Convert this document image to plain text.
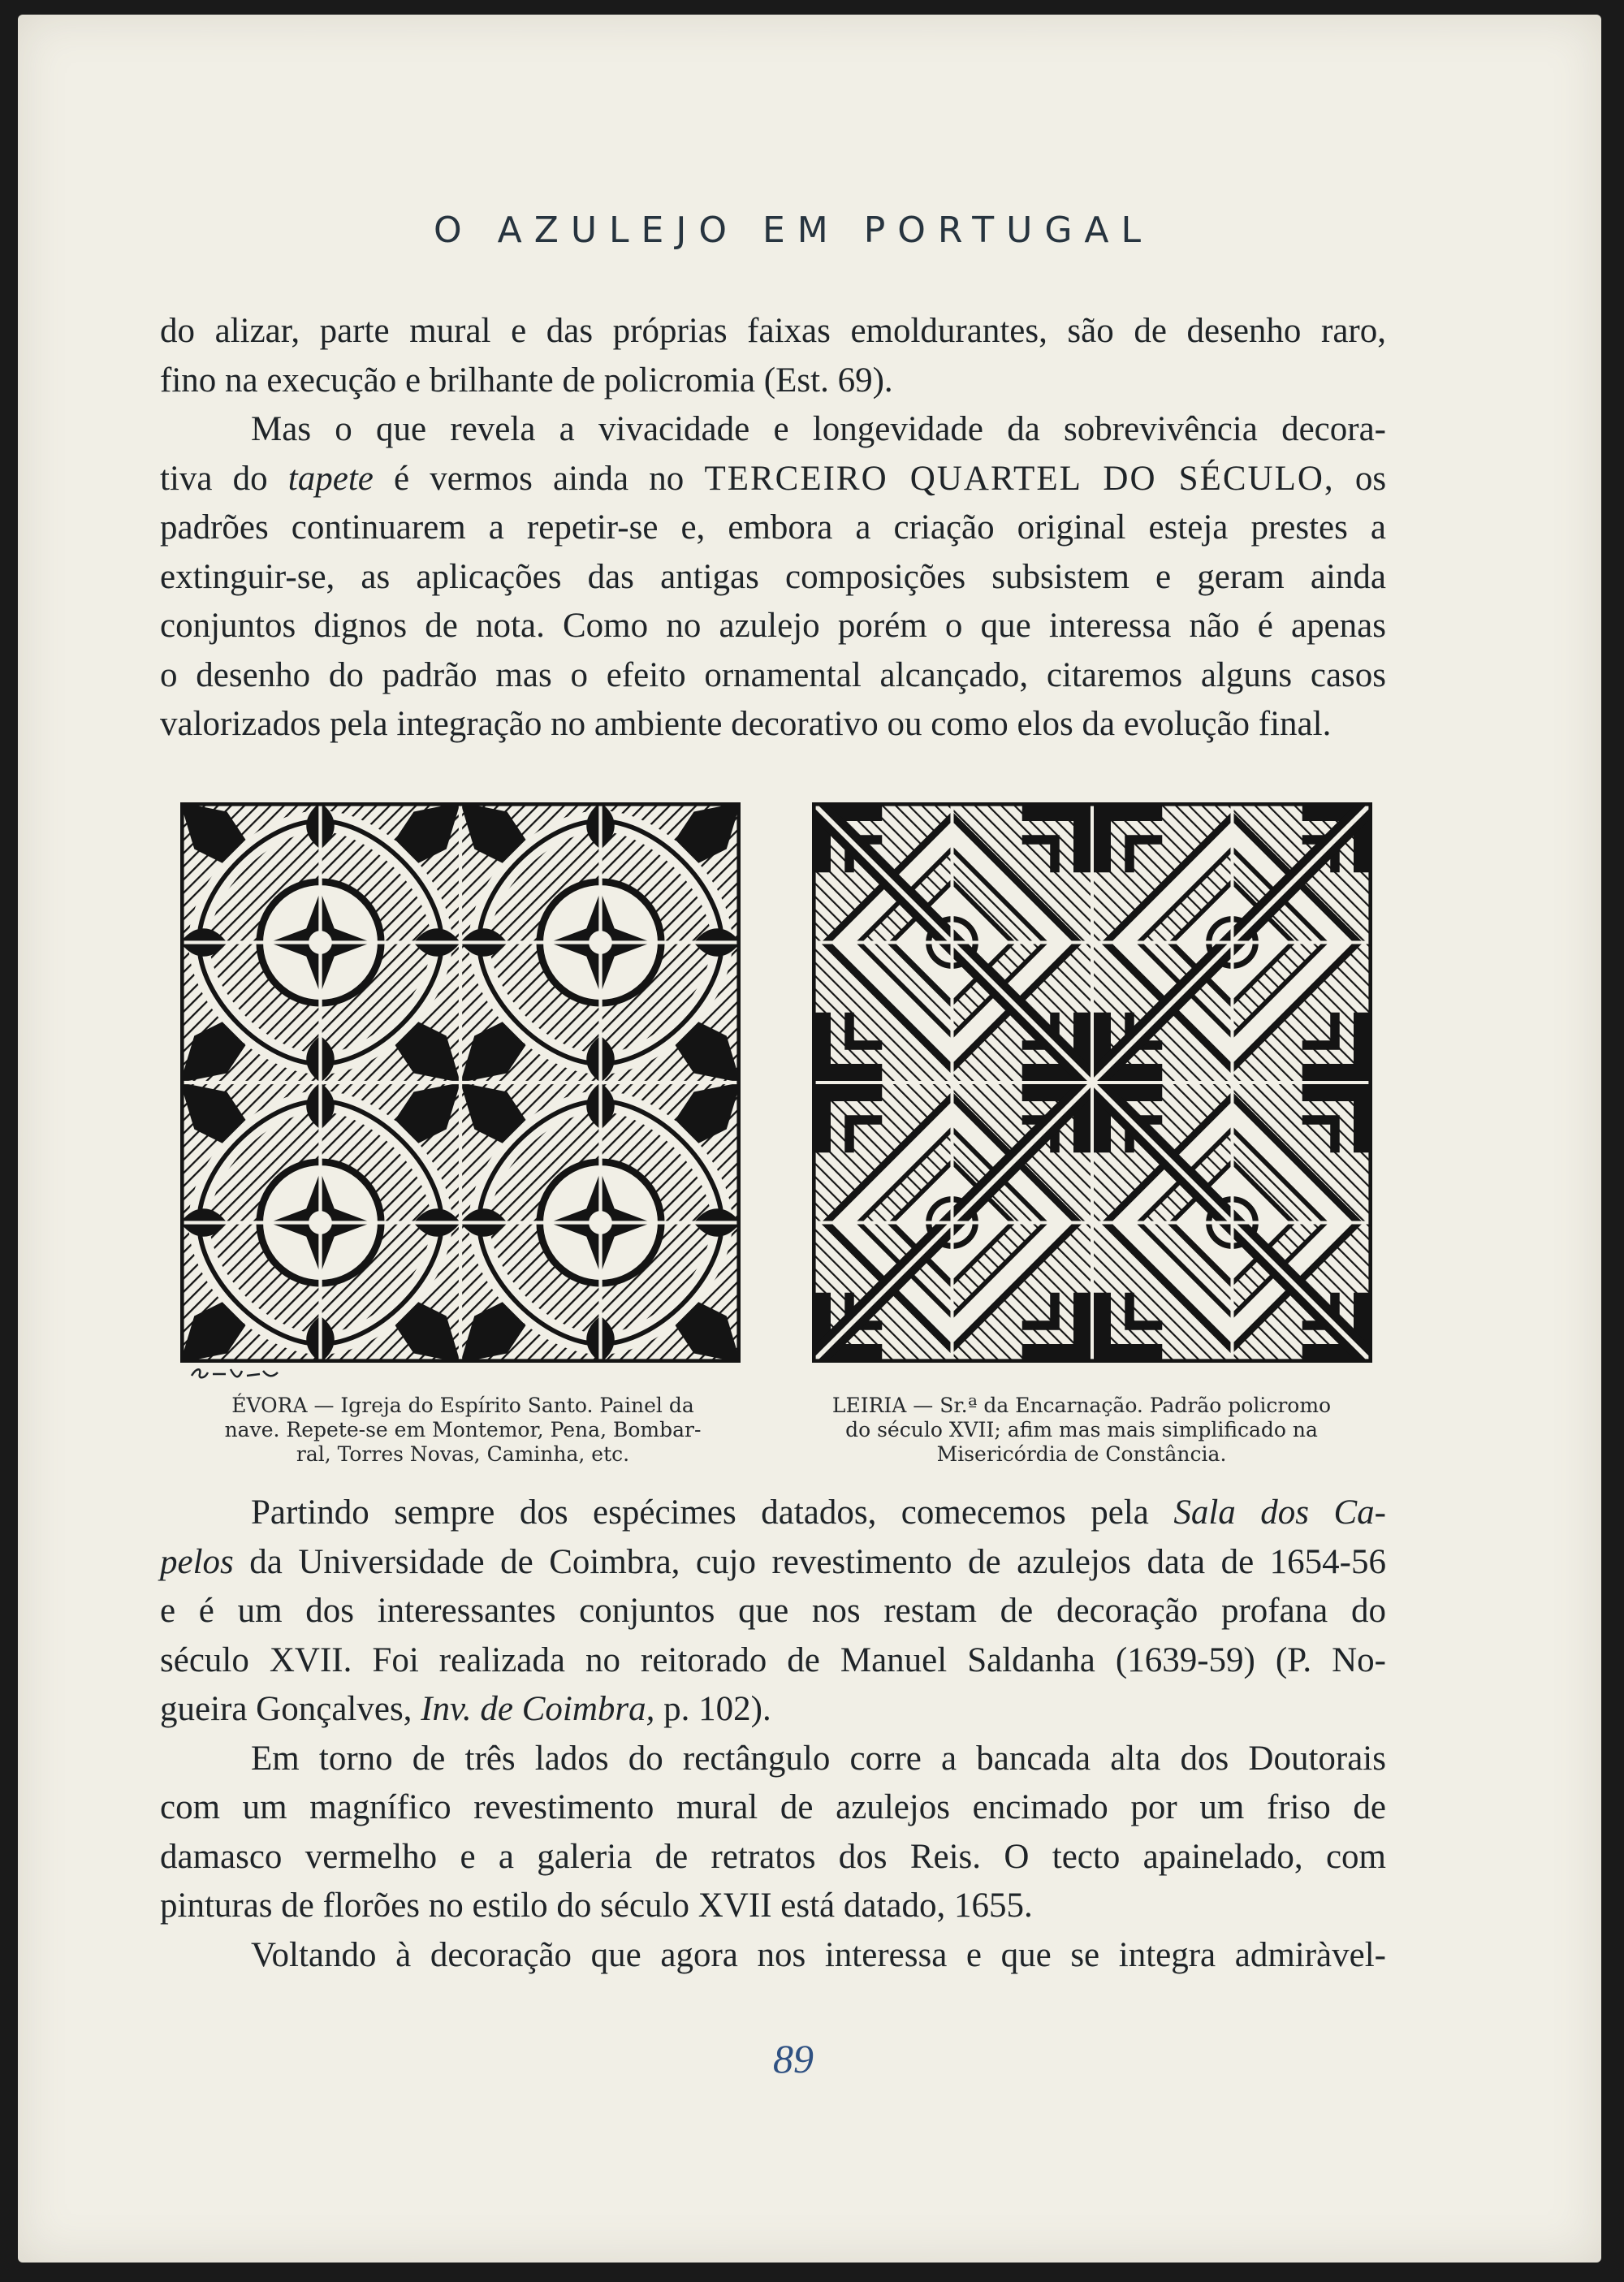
O AZULEJO EM PORTUGAL

do alizar, parte mural e das próprias faixas emoldurantes, são de desenho raro,

fino na execução e brilhante de policromia (Est. 69).

Mas o que revela a vivacidade e longevidade da sobrevivência decora-

tiva do tapete é vermos ainda no TERCEIRO QUARTEL DO SÉCULO, os

padrões continuarem a repetir-se e, embora a criação original esteja prestes a

extinguir-se, as aplicações das antigas composições subsistem e geram ainda

conjuntos dignos de nota. Como no azulejo porém o que interessa não é apenas

o desenho do padrão mas o efeito ornamental alcançado, citaremos alguns casos

valorizados pela integração no ambiente decorativo ou como elos da evolução final.

ÉVORA — Igreja do Espírito Santo. Painel da
nave. Repete-se em Montemor, Pena, Bombar-
ral, Torres Novas, Caminha, etc.
LEIRIA — Sr.ª da Encarnação. Padrão policromo
do século XVII; afim mas mais simplificado na
Misericórdia de Constância.

Partindo sempre dos espécimes datados, comecemos pela Sala dos Ca-

pelos da Universidade de Coimbra, cujo revestimento de azulejos data de 1654-56

e é um dos interessantes conjuntos que nos restam de decoração profana do

século XVII. Foi realizada no reitorado de Manuel Saldanha (1639-59) (P. No-

gueira Gonçalves, Inv. de Coimbra, p. 102).

Em torno de três lados do rectângulo corre a bancada alta dos Doutorais

com um magnífico revestimento mural de azulejos encimado por um friso de

damasco vermelho e a galeria de retratos dos Reis. O tecto apainelado, com

pinturas de florões no estilo do século XVII está datado, 1655.

Voltando à decoração que agora nos interessa e que se integra admiràvel-

89
